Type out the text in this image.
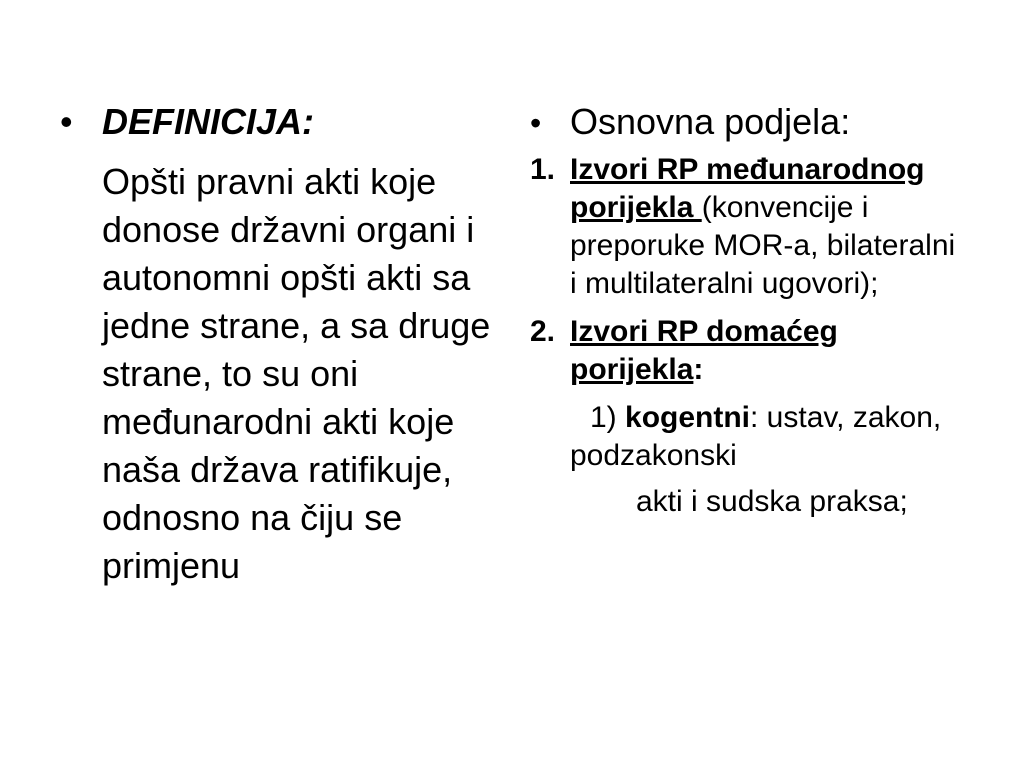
• DEFINICIJA:
Opšti pravni akti koje donose državni organi i autonomni opšti akti sa jedne strane, a sa druge strane, to su oni međunarodni akti koje naša država ratifikuje, odnosno na čiju se primjenu
• Osnovna podjela:
1. Izvori RP međunarodnog porijekla (konvencije i preporuke MOR-a, bilateralni i multilateralni ugovori);
2. Izvori RP domaćeg porijekla:
1) kogentni: ustav, zakon, podzakonski
akti i sudska praksa;
